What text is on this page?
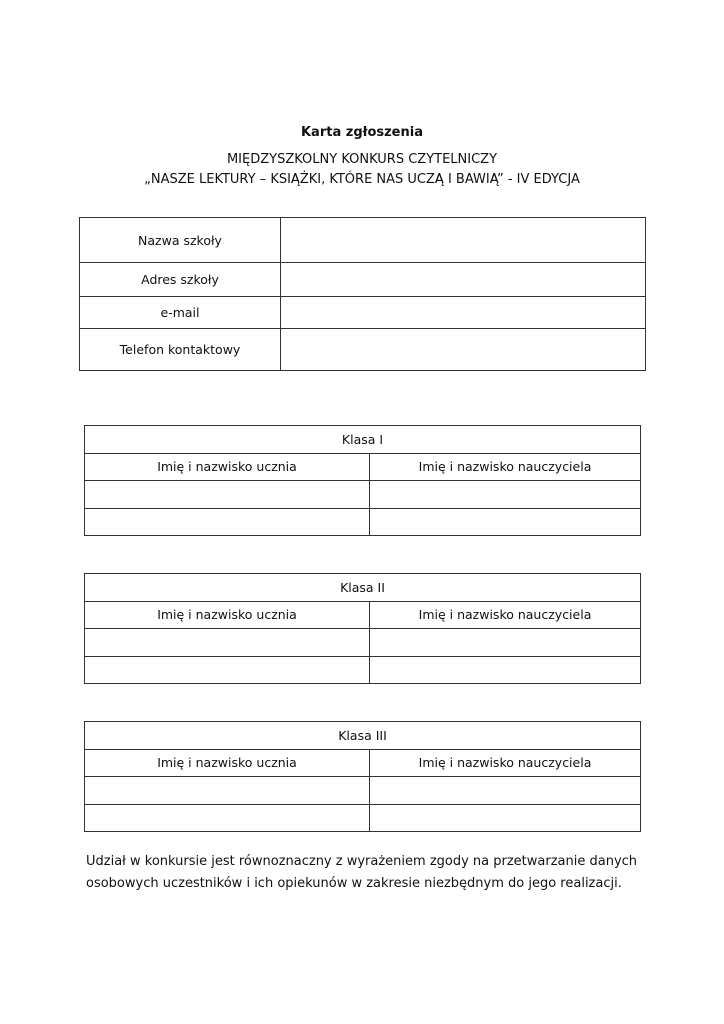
Karta zgłoszenia
MIĘDZYSZKOLNY KONKURS CZYTELNICZY
„NASZE LEKTURY – KSIĄŻKI, KTÓRE NAS UCZĄ I BAWIĄ” - IV EDYCJA
Nazwa szkoły	
Adres szkoły	
e-mail	
Telefon kontaktowy	
Klasa I	
Imię i nazwisko ucznia	Imię i nazwisko nauczyciela

Klasa II	
Imię i nazwisko ucznia	Imię i nazwisko nauczyciela

Klasa III	
Imię i nazwisko ucznia	Imię i nazwisko nauczyciela

Udział w konkursie jest równoznaczny z wyrażeniem zgody na przetwarzanie danych osobowych uczestników i ich opiekunów w zakresie niezbędnym do jego realizacji.
